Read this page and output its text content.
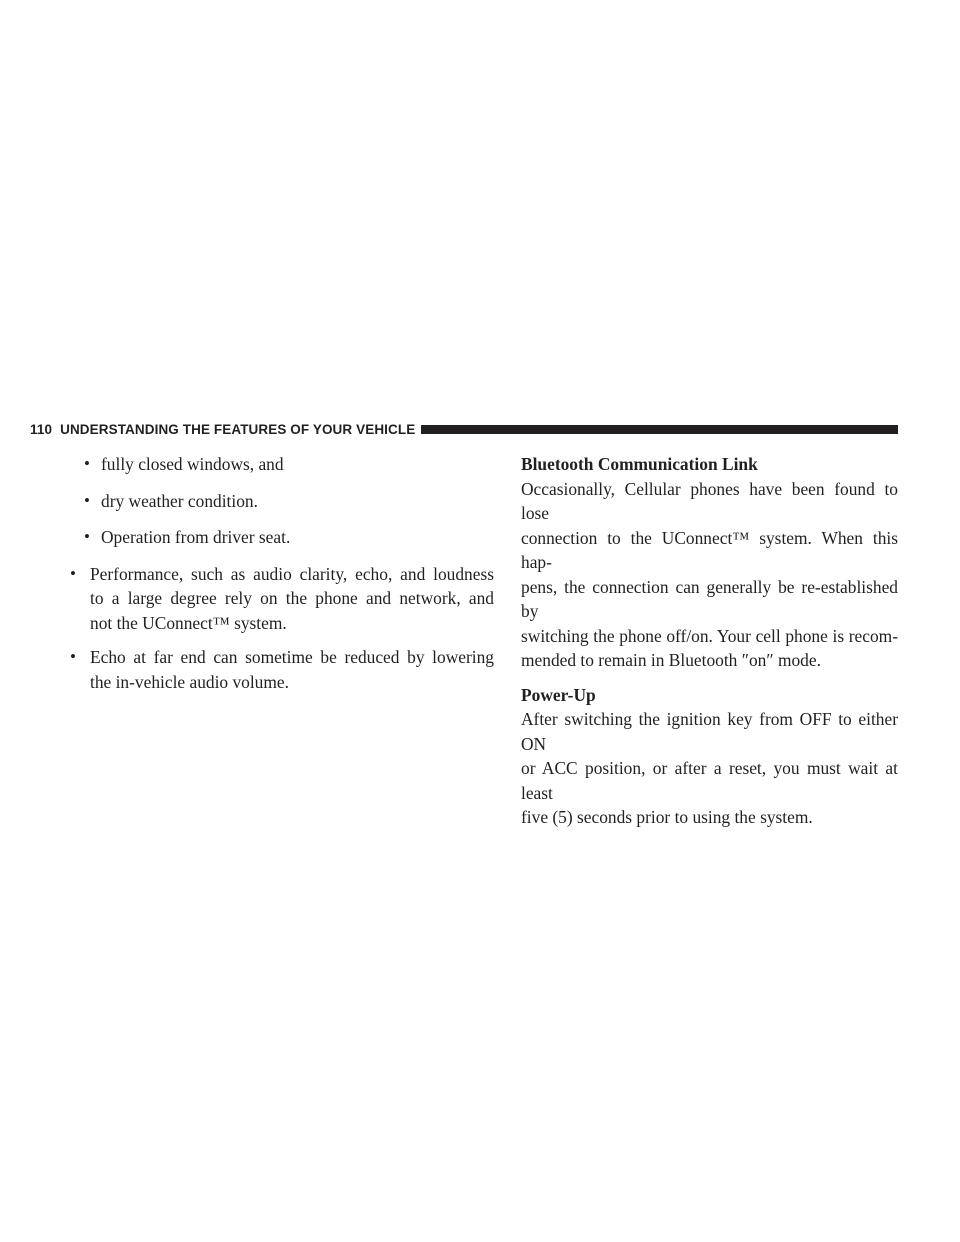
110 UNDERSTANDING THE FEATURES OF YOUR VEHICLE
• fully closed windows, and
• dry weather condition.
• Operation from driver seat.
• Performance, such as audio clarity, echo, and loudness
to a large degree rely on the phone and network, and
not the UConnect™ system.
• Echo at far end can sometime be reduced by lowering
the in-vehicle audio volume.

Bluetooth Communication Link

Occasionally, Cellular phones have been found to lose
connection to the UConnect™ system. When this hap-
pens, the connection can generally be re-established by
switching the phone off/on. Your cell phone is recom-
mended to remain in Bluetooth ″on″ mode.

Power-Up

After switching the ignition key from OFF to either ON
or ACC position, or after a reset, you must wait at least
five (5) seconds prior to using the system.
